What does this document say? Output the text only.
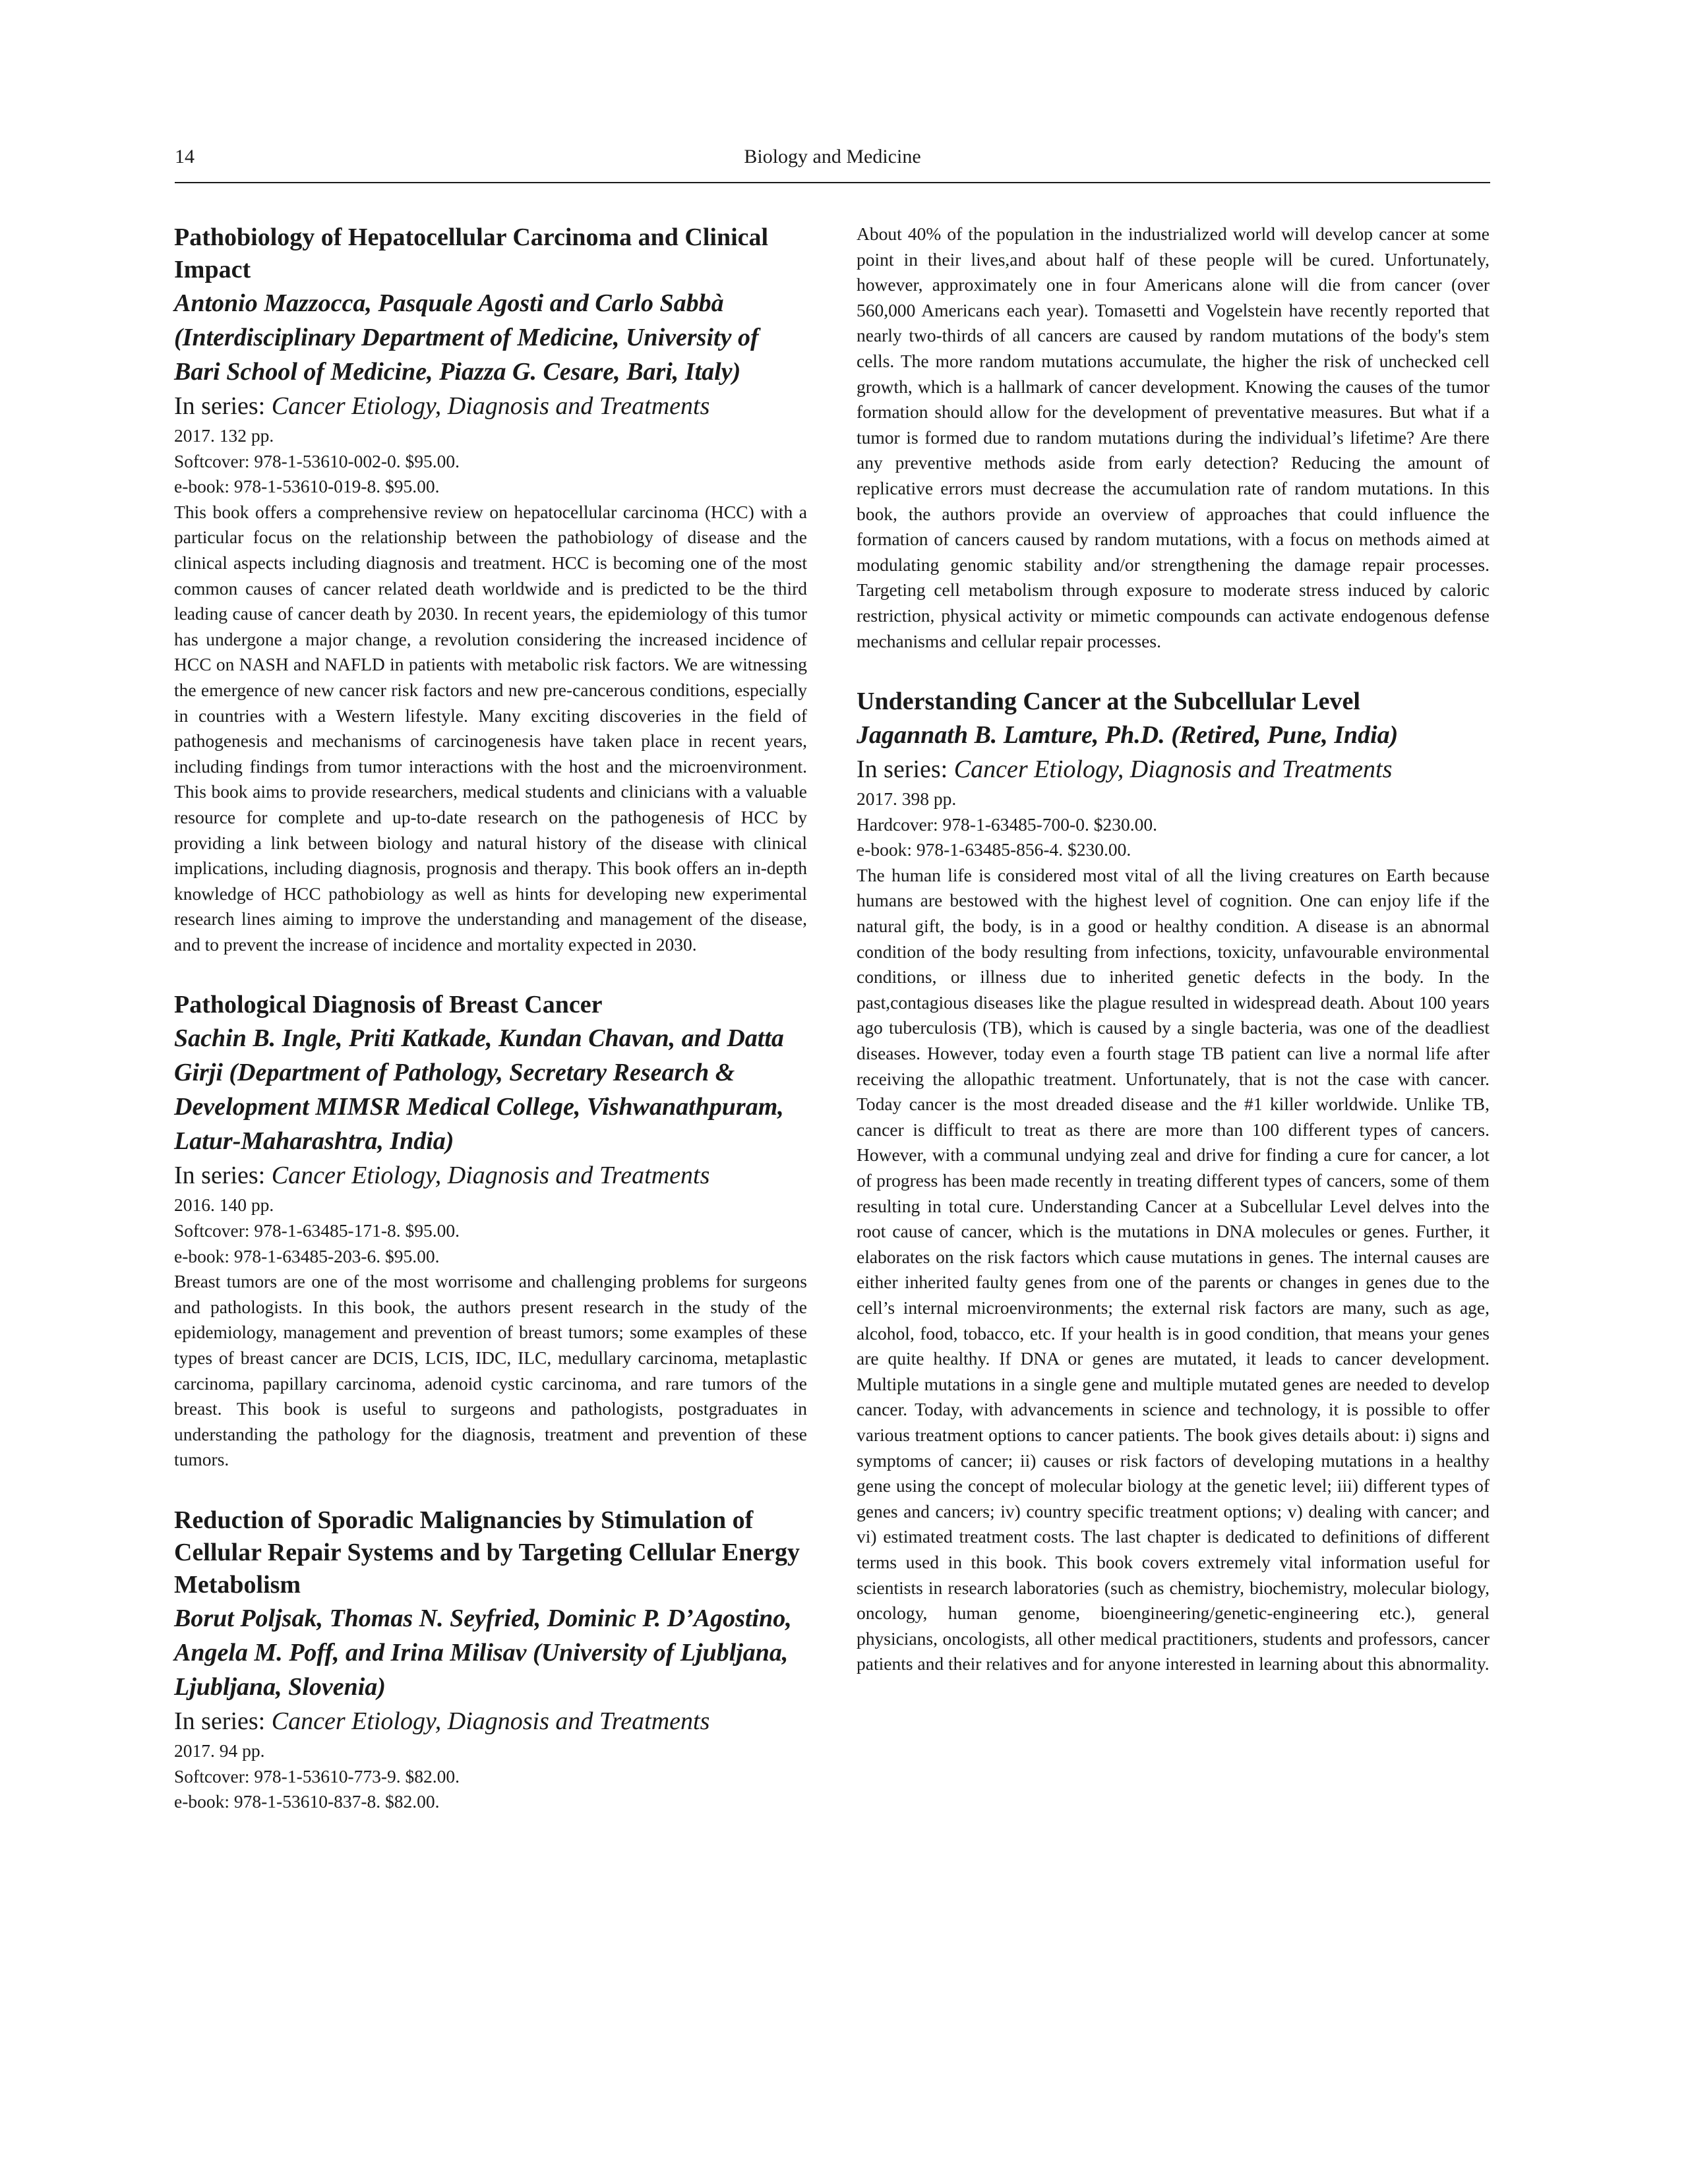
14	Biology and Medicine

Pathobiology of Hepatocellular Carcinoma and Clinical Impact

Antonio Mazzocca, Pasquale Agosti and Carlo Sabbà (Interdisciplinary Department of Medicine, University of Bari School of Medicine, Piazza G. Cesare, Bari, Italy)

In series: Cancer Etiology, Diagnosis and Treatments

2017. 132 pp.

Softcover: 978-1-53610-002-0. $95.00.

e-book: 978-1-53610-019-8. $95.00.

This book offers a comprehensive review on hepatocellular carcinoma (HCC) with a particular focus on the relationship between the pathobiology of disease and the clinical aspects including diagnosis and treatment. HCC is becoming one of the most common causes of cancer related death worldwide and is predicted to be the third leading cause of cancer death by 2030. In recent years, the epidemiology of this tumor has undergone a major change, a revolution considering the increased incidence of HCC on NASH and NAFLD in patients with metabolic risk factors. We are witnessing the emergence of new cancer risk factors and new pre-cancerous conditions, especially in countries with a Western lifestyle. Many exciting discoveries in the field of pathogenesis and mechanisms of carcinogenesis have taken place in recent years, including findings from tumor interactions with the host and the microenvironment. This book aims to provide researchers, medical students and clinicians with a valuable resource for complete and up-to-date research on the pathogenesis of HCC by providing a link between biology and natural history of the disease with clinical implications, including diagnosis, prognosis and therapy. This book offers an in-depth knowledge of HCC pathobiology as well as hints for developing new experimental research lines aiming to improve the understanding and management of the disease, and to prevent the increase of incidence and mortality expected in 2030.

Pathological Diagnosis of Breast Cancer

Sachin B. Ingle, Priti Katkade, Kundan Chavan, and Datta Girji (Department of Pathology, Secretary Research & Development MIMSR Medical College, Vishwanathpuram, Latur-Maharashtra, India)

In series: Cancer Etiology, Diagnosis and Treatments

2016. 140 pp.

Softcover: 978-1-63485-171-8. $95.00.

e-book: 978-1-63485-203-6. $95.00.

Breast tumors are one of the most worrisome and challenging problems for surgeons and pathologists. In this book, the authors present research in the study of the epidemiology, management and prevention of breast tumors; some examples of these types of breast cancer are DCIS, LCIS, IDC, ILC, medullary carcinoma, metaplastic carcinoma, papillary carcinoma, adenoid cystic carcinoma, and rare tumors of the breast. This book is useful to surgeons and pathologists, postgraduates in understanding the pathology for the diagnosis, treatment and prevention of these tumors.

Reduction of Sporadic Malignancies by Stimulation of Cellular Repair Systems and by Targeting Cellular Energy Metabolism

Borut Poljsak, Thomas N. Seyfried, Dominic P. D’Agostino, Angela M. Poff, and Irina Milisav (University of Ljubljana, Ljubljana, Slovenia)

In series: Cancer Etiology, Diagnosis and Treatments

2017. 94 pp.

Softcover: 978-1-53610-773-9. $82.00.

e-book: 978-1-53610-837-8. $82.00.

About 40% of the population in the industrialized world will develop cancer at some point in their lives,and about half of these people will be cured. Unfortunately, however, approximately one in four Americans alone will die from cancer (over 560,000 Americans each year). Tomasetti and Vogelstein have recently reported that nearly two-thirds of all cancers are caused by random mutations of the body's stem cells. The more random mutations accumulate, the higher the risk of unchecked cell growth, which is a hallmark of cancer development. Knowing the causes of the tumor formation should allow for the development of preventative measures. But what if a tumor is formed due to random mutations during the individual’s lifetime? Are there any preventive methods aside from early detection? Reducing the amount of replicative errors must decrease the accumulation rate of random mutations. In this book, the authors provide an overview of approaches that could influence the formation of cancers caused by random mutations, with a focus on methods aimed at modulating genomic stability and/or strengthening the damage repair processes. Targeting cell metabolism through exposure to moderate stress induced by caloric restriction, physical activity or mimetic compounds can activate endogenous defense mechanisms and cellular repair processes.

Understanding Cancer at the Subcellular Level

Jagannath B. Lamture, Ph.D. (Retired, Pune, India)

In series: Cancer Etiology, Diagnosis and Treatments

2017. 398 pp.

Hardcover: 978-1-63485-700-0. $230.00.

e-book: 978-1-63485-856-4. $230.00.

The human life is considered most vital of all the living creatures on Earth because humans are bestowed with the highest level of cognition. One can enjoy life if the natural gift, the body, is in a good or healthy condition. A disease is an abnormal condition of the body resulting from infections, toxicity, unfavourable environmental conditions, or illness due to inherited genetic defects in the body. In the past,contagious diseases like the plague resulted in widespread death. About 100 years ago tuberculosis (TB), which is caused by a single bacteria, was one of the deadliest diseases. However, today even a fourth stage TB patient can live a normal life after receiving the allopathic treatment. Unfortunately, that is not the case with cancer. Today cancer is the most dreaded disease and the #1 killer worldwide. Unlike TB, cancer is difficult to treat as there are more than 100 different types of cancers. However, with a communal undying zeal and drive for finding a cure for cancer, a lot of progress has been made recently in treating different types of cancers, some of them resulting in total cure. Understanding Cancer at a Subcellular Level delves into the root cause of cancer, which is the mutations in DNA molecules or genes. Further, it elaborates on the risk factors which cause mutations in genes. The internal causes are either inherited faulty genes from one of the parents or changes in genes due to the cell’s internal microenvironments; the external risk factors are many, such as age, alcohol, food, tobacco, etc. If your health is in good condition, that means your genes are quite healthy. If DNA or genes are mutated, it leads to cancer development. Multiple mutations in a single gene and multiple mutated genes are needed to develop cancer. Today, with advancements in science and technology, it is possible to offer various treatment options to cancer patients. The book gives details about: i) signs and symptoms of cancer; ii) causes or risk factors of developing mutations in a healthy gene using the concept of molecular biology at the genetic level; iii) different types of genes and cancers; iv) country specific treatment options; v) dealing with cancer; and vi) estimated treatment costs. The last chapter is dedicated to definitions of different terms used in this book. This book covers extremely vital information useful for scientists in research laboratories (such as chemistry, biochemistry, molecular biology, oncology, human genome, bioengineering/genetic-engineering etc.), general physicians, oncologists, all other medical practitioners, students and professors, cancer patients and their relatives and for anyone interested in learning about this abnormality.
